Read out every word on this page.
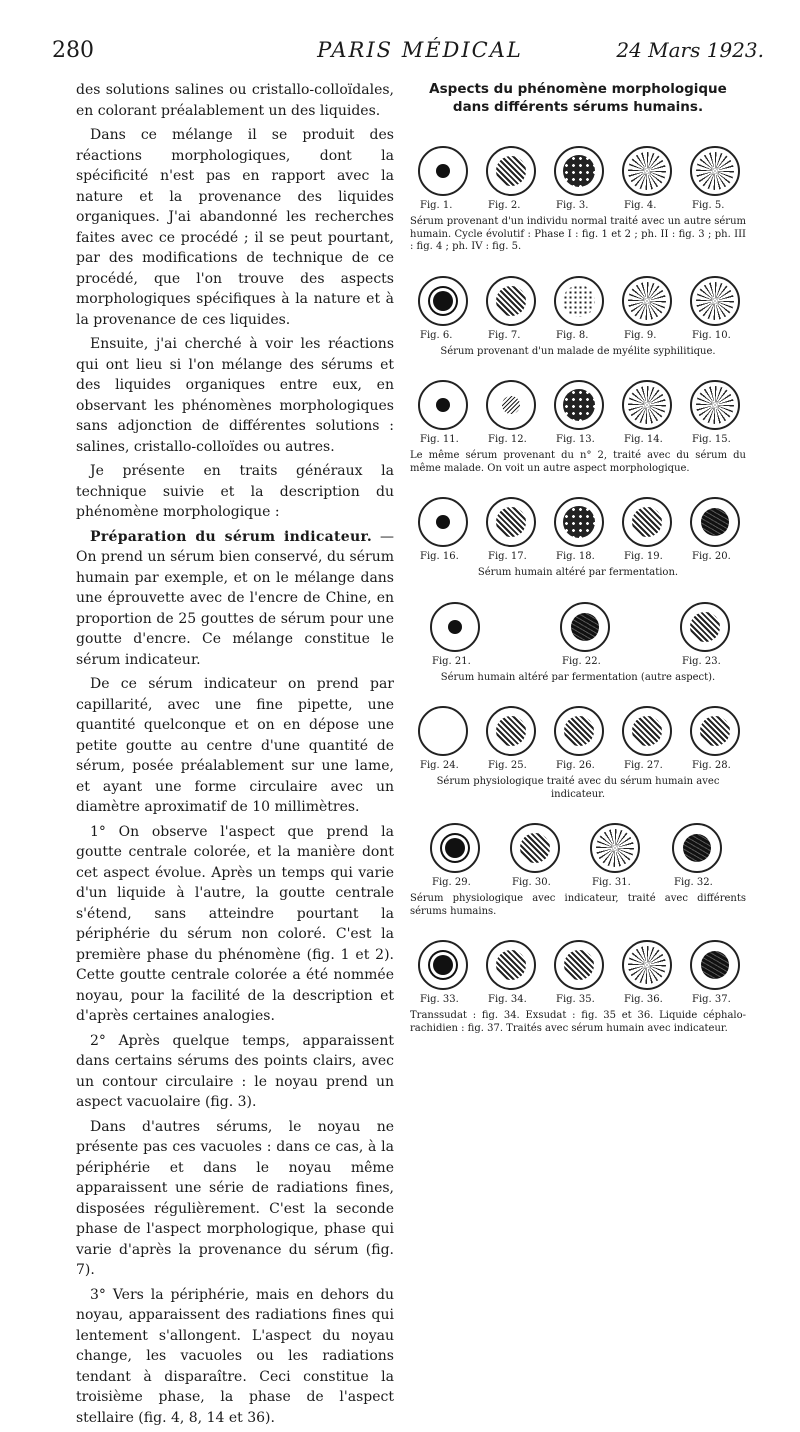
280	PARIS MÉDICAL	24 Mars 1923.

des solutions salines ou cristallo-colloïdales, en colorant préalablement un des liquides.

Dans ce mélange il se produit des réactions morphologiques, dont la spécificité n'est pas en rapport avec la nature et la provenance des liquides organiques. J'ai abandonné les recherches faites avec ce procédé ; il se peut pourtant, par des modifications de technique de ce procédé, que l'on trouve des aspects morphologiques spécifiques à la nature et à la provenance de ces liquides.

Ensuite, j'ai cherché à voir les réactions qui ont lieu si l'on mélange des sérums et des liquides organiques entre eux, en observant les phénomènes morphologiques sans adjonction de différentes solutions : salines, cristallo-colloïdes ou autres.

Je présente en traits généraux la technique suivie et la description du phénomène morphologique :

Préparation du sérum indicateur. — On prend un sérum bien conservé, du sérum humain par exemple, et on le mélange dans une éprouvette avec de l'encre de Chine, en proportion de 25 gouttes de sérum pour une goutte d'encre. Ce mélange constitue le sérum indicateur.

De ce sérum indicateur on prend par capillarité, avec une fine pipette, une quantité quelconque et on en dépose une petite goutte au centre d'une quantité de sérum, posée préalablement sur une lame, et ayant une forme circulaire avec un diamètre aproximatif de 10 millimètres.

1° On observe l'aspect que prend la goutte centrale colorée, et la manière dont cet aspect évolue. Après un temps qui varie d'un liquide à l'autre, la goutte centrale s'étend, sans atteindre pourtant la périphérie du sérum non coloré. C'est la première phase du phénomène (fig. 1 et 2). Cette goutte centrale colorée a été nommée noyau, pour la facilité de la description et d'après certaines analogies.

2° Après quelque temps, apparaissent dans certains sérums des points clairs, avec un contour circulaire : le noyau prend un aspect vacuolaire (fig. 3).

Dans d'autres sérums, le noyau ne présente pas ces vacuoles : dans ce cas, à la périphérie et dans le noyau même apparaissent une série de radiations fines, disposées régulièrement. C'est la seconde phase de l'aspect morphologique, phase qui varie d'après la provenance du sérum (fig. 7).

3° Vers la périphérie, mais en dehors du noyau, apparaissent des radiations fines qui lentement s'allongent. L'aspect du noyau change, les vacuoles ou les radiations tendant à disparaître. Ceci constitue la troisième phase, la phase de l'aspect stellaire (fig. 4, 8, 14 et 36).

Aspects du phénomène morphologique dans différents sérums humains.
Fig. 1.	Fig. 2.	Fig. 3.	Fig. 4.	Fig. 5.
Sérum provenant d'un individu normal traité avec un autre sérum humain. Cycle évolutif : Phase I : fig. 1 et 2 ; ph. II : fig. 3 ; ph. III : fig. 4 ; ph. IV : fig. 5.
Fig. 6.	Fig. 7.	Fig. 8.	Fig. 9.	Fig. 10.
Sérum provenant d'un malade de myélite syphilitique.
Fig. 11.	Fig. 12.	Fig. 13.	Fig. 14.	Fig. 15.
Le même sérum provenant du n° 2, traité avec du sérum du même malade. On voit un autre aspect morphologique.
Fig. 16.	Fig. 17.	Fig. 18.	Fig. 19.	Fig. 20.
Sérum humain altéré par fermentation.
Fig. 21.	Fig. 22.	Fig. 23.
Sérum humain altéré par fermentation (autre aspect).
Fig. 24.	Fig. 25.	Fig. 26.	Fig. 27.	Fig. 28.
Sérum physiologique traité avec du sérum humain avec indicateur.
Fig. 29.	Fig. 30.	Fig. 31.	Fig. 32.
Sérum physiologique avec indicateur, traité avec différents sérums humains.
Fig. 33.	Fig. 34.	Fig. 35.	Fig. 36.	Fig. 37.
Transsudat : fig. 34. Exsudat : fig. 35 et 36. Liquide céphalo-rachidien : fig. 37. Traités avec sérum humain avec indicateur.
